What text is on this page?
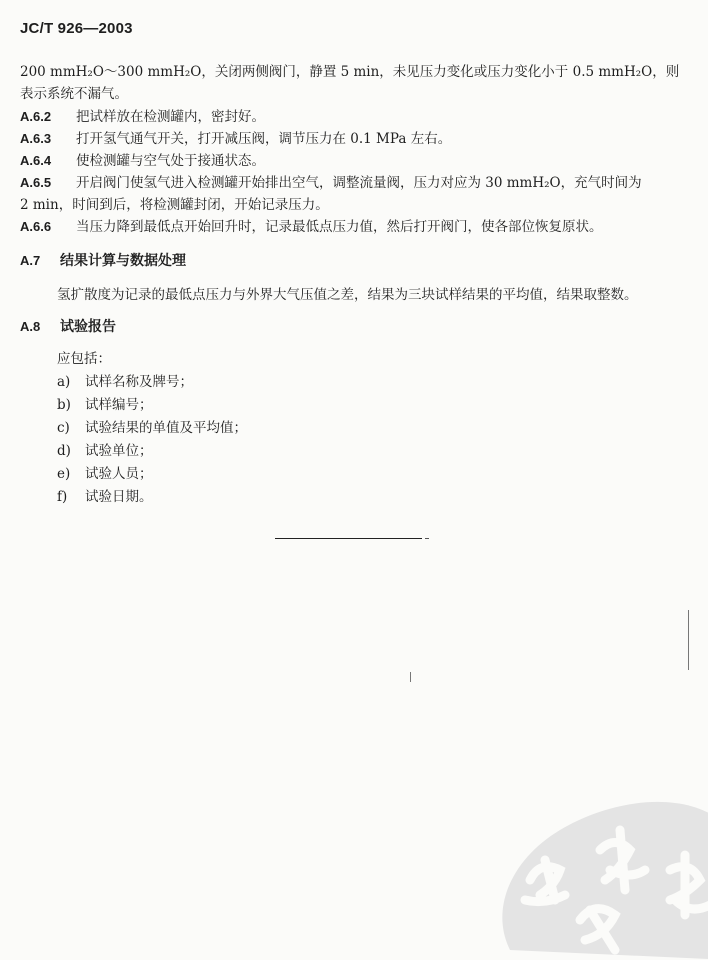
JC/T 926—2003
200 mmH₂O～300 mmH₂O，关闭两侧阀门，静置 5 min，未见压力变化或压力变化小于 0.5 mmH₂O，则
表示系统不漏气。
A.6.2 把试样放在检测罐内，密封好。
A.6.3 打开氢气通气开关，打开减压阀，调节压力在 0.1 MPa 左右。
A.6.4 使检测罐与空气处于接通状态。
A.6.5 开启阀门使氢气进入检测罐开始排出空气，调整流量阀，压力对应为 30 mmH₂O，充气时间为
2 min，时间到后，将检测罐封闭，开始记录压力。
A.6.6 当压力降到最低点开始回升时，记录最低点压力值，然后打开阀门，使各部位恢复原状。
A.7 结果计算与数据处理
氢扩散度为记录的最低点压力与外界大气压值之差，结果为三块试样结果的平均值，结果取整数。
A.8 试验报告
应包括：
a) 试样名称及牌号；
b) 试样编号；
c) 试验结果的单值及平均值；
d) 试验单位；
e) 试验人员；
f) 试验日期。
